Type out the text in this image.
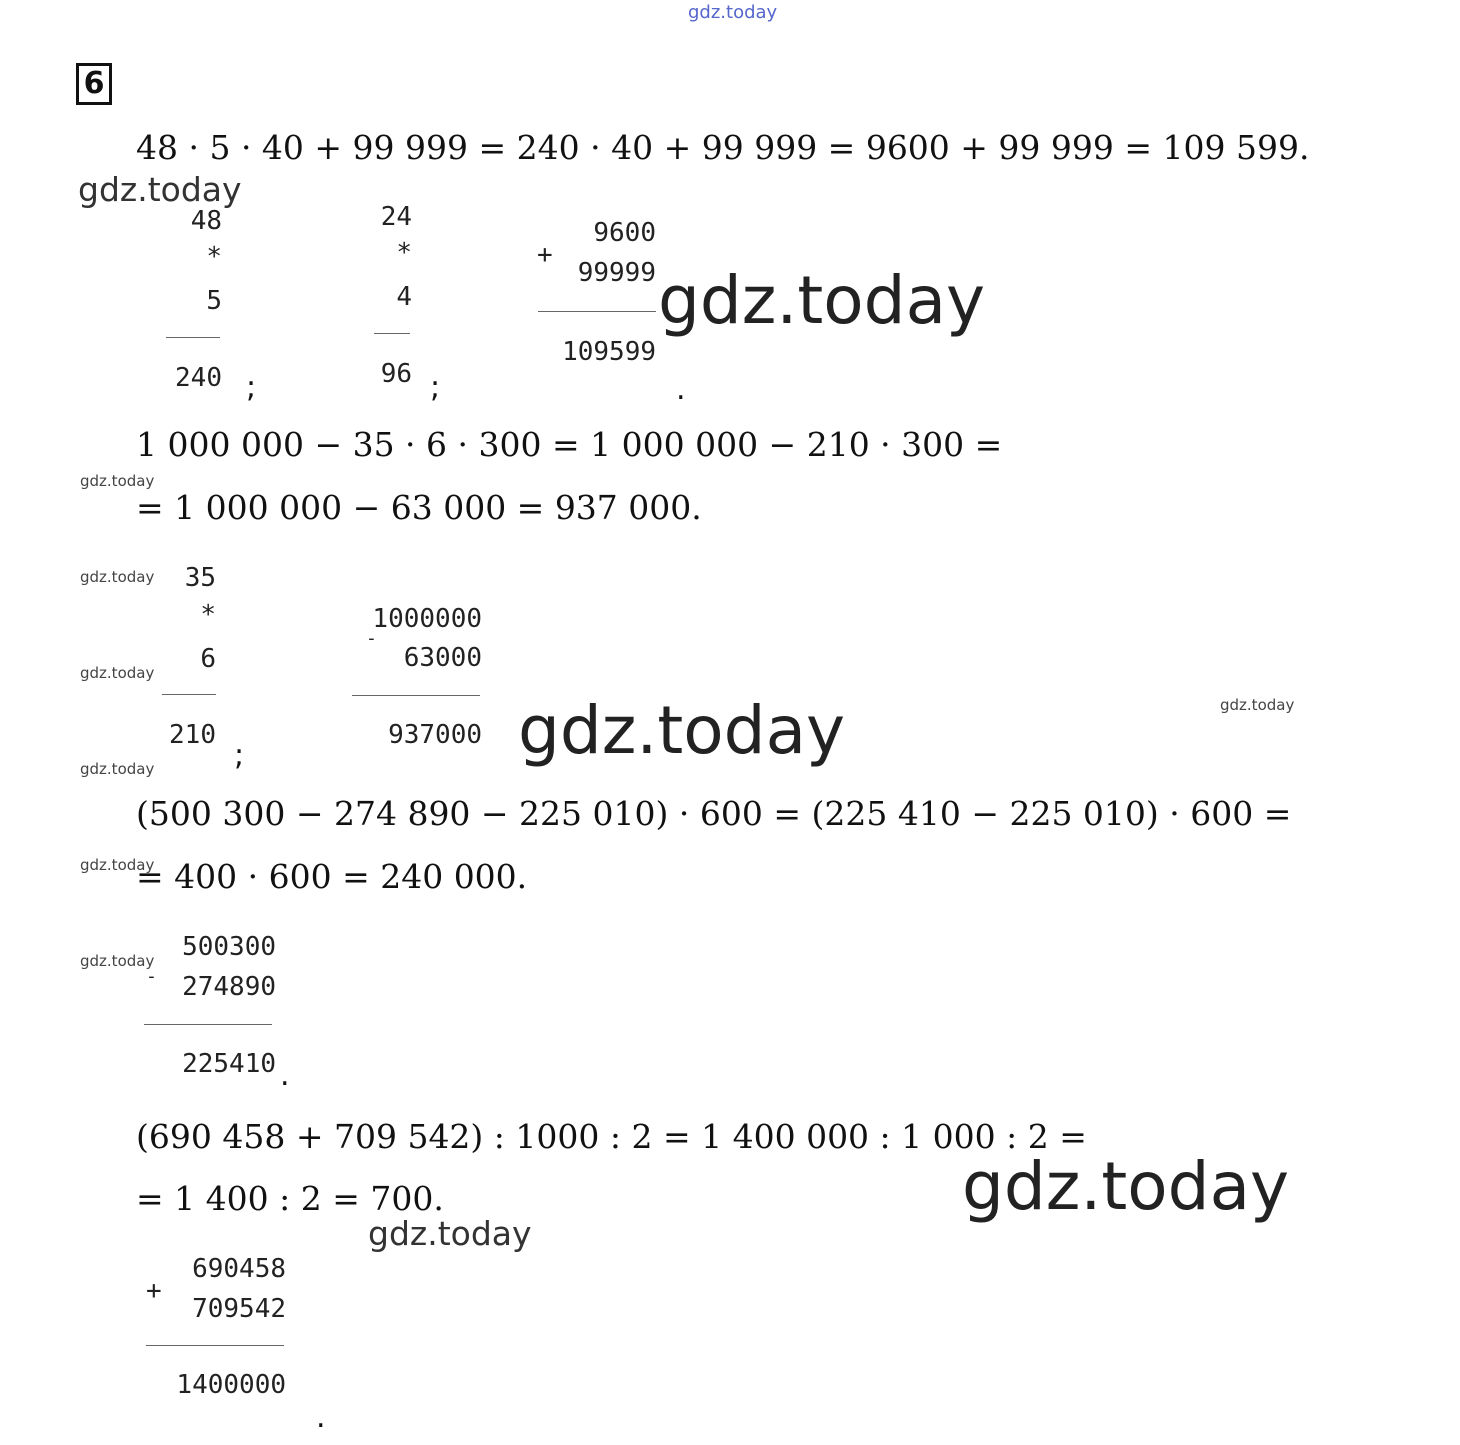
gdz.today
gdz.today
gdz.today
gdz.today
gdz.today
gdz.today
gdz.today	gdz.today
gdz.today
gdz.today
gdz.today
gdz.today
gdz.today
6
48 · 5 · 40 + 99 999 = 240 · 40 + 99 999 = 9600 + 99 999 = 109 599.
1 000 000 − 35 · 6 · 300 = 1 000 000 − 210 · 300 =
= 1 000 000 − 63 000 = 937 000.
(500 300 − 274 890 − 225 010) · 600 = (225 410 − 225 010) · 600 =
= 400 · 600 = 240 000.
(690 458 + 709 542) : 1000 : 2 = 1 400 000 : 1 000 : 2 =
= 1 400 : 2 = 700.
48
*
5
240 ;
24
*
4
96 ;
+
9600
99999
109599
.
35
*
6
210
;
1000000
-
63000
937000
-
500300
274890
225410 .
+
690458
709542
1400000
.
